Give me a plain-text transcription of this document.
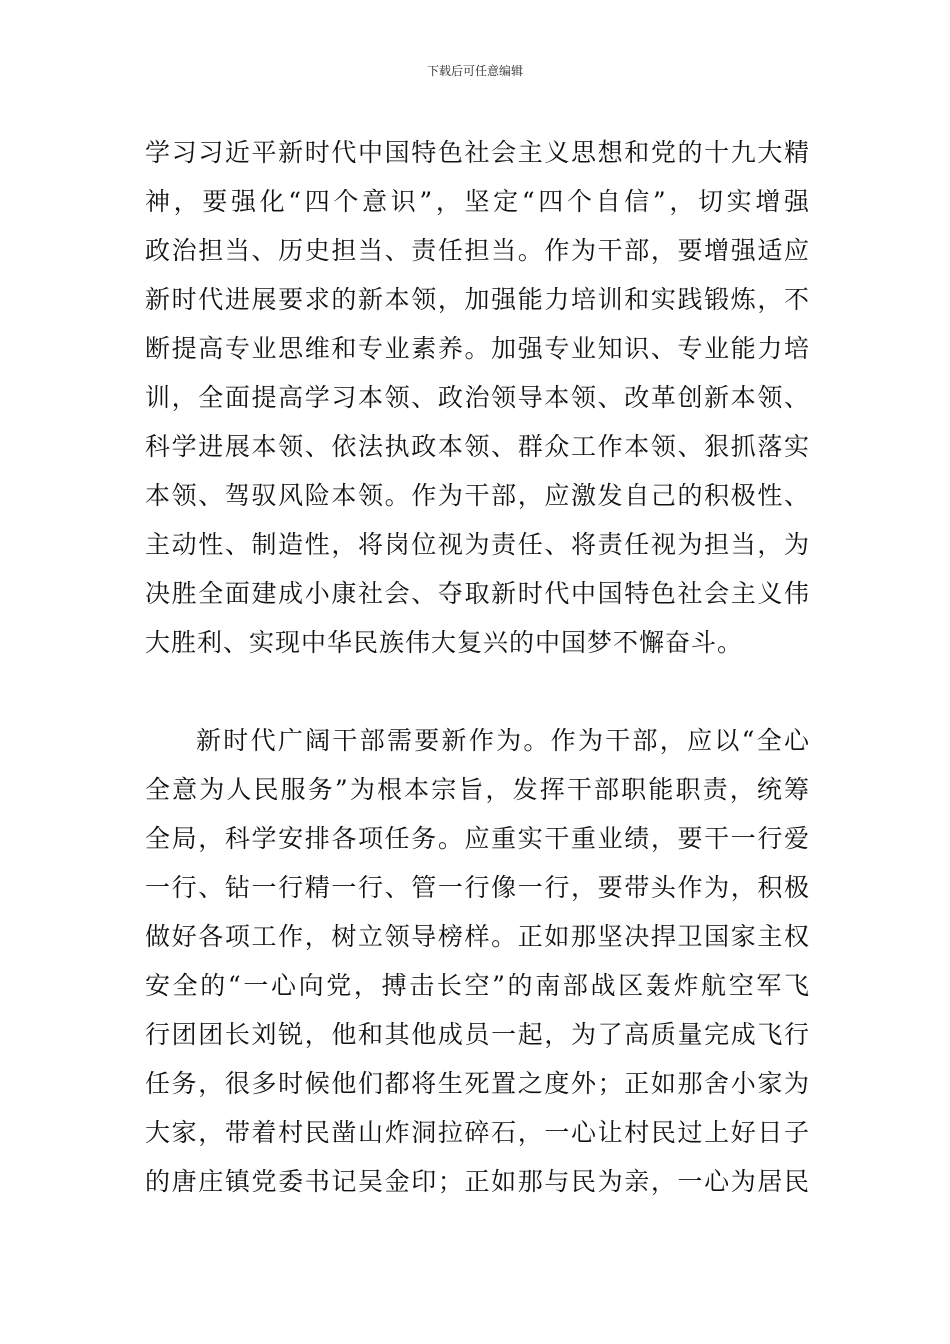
下载后可任意编辑
学习习近平新时代中国特色社会主义思想和党的十九大精
神，要强化“四个意识”，坚定“四个自信”，切实增强
政治担当、历史担当、责任担当。作为干部，要增强适应
新时代进展要求的新本领，加强能力培训和实践锻炼，不
断提高专业思维和专业素养。加强专业知识、专业能力培
训，全面提高学习本领、政治领导本领、改革创新本领、
科学进展本领、依法执政本领、群众工作本领、狠抓落实
本领、驾驭风险本领。作为干部，应激发自己的积极性、
主动性、制造性，将岗位视为责任、将责任视为担当，为
决胜全面建成小康社会、夺取新时代中国特色社会主义伟
大胜利、实现中华民族伟大复兴的中国梦不懈奋斗。
新时代广阔干部需要新作为。作为干部，应以“全心
全意为人民服务”为根本宗旨，发挥干部职能职责，统筹
全局，科学安排各项任务。应重实干重业绩，要干一行爱
一行、钻一行精一行、管一行像一行，要带头作为，积极
做好各项工作，树立领导榜样。正如那坚决捍卫国家主权
安全的“一心向党，搏击长空”的南部战区轰炸航空军飞
行团团长刘锐，他和其他成员一起，为了高质量完成飞行
任务，很多时候他们都将生死置之度外；正如那舍小家为
大家，带着村民凿山炸洞拉碎石，一心让村民过上好日子
的唐庄镇党委书记吴金印；正如那与民为亲，一心为居民
